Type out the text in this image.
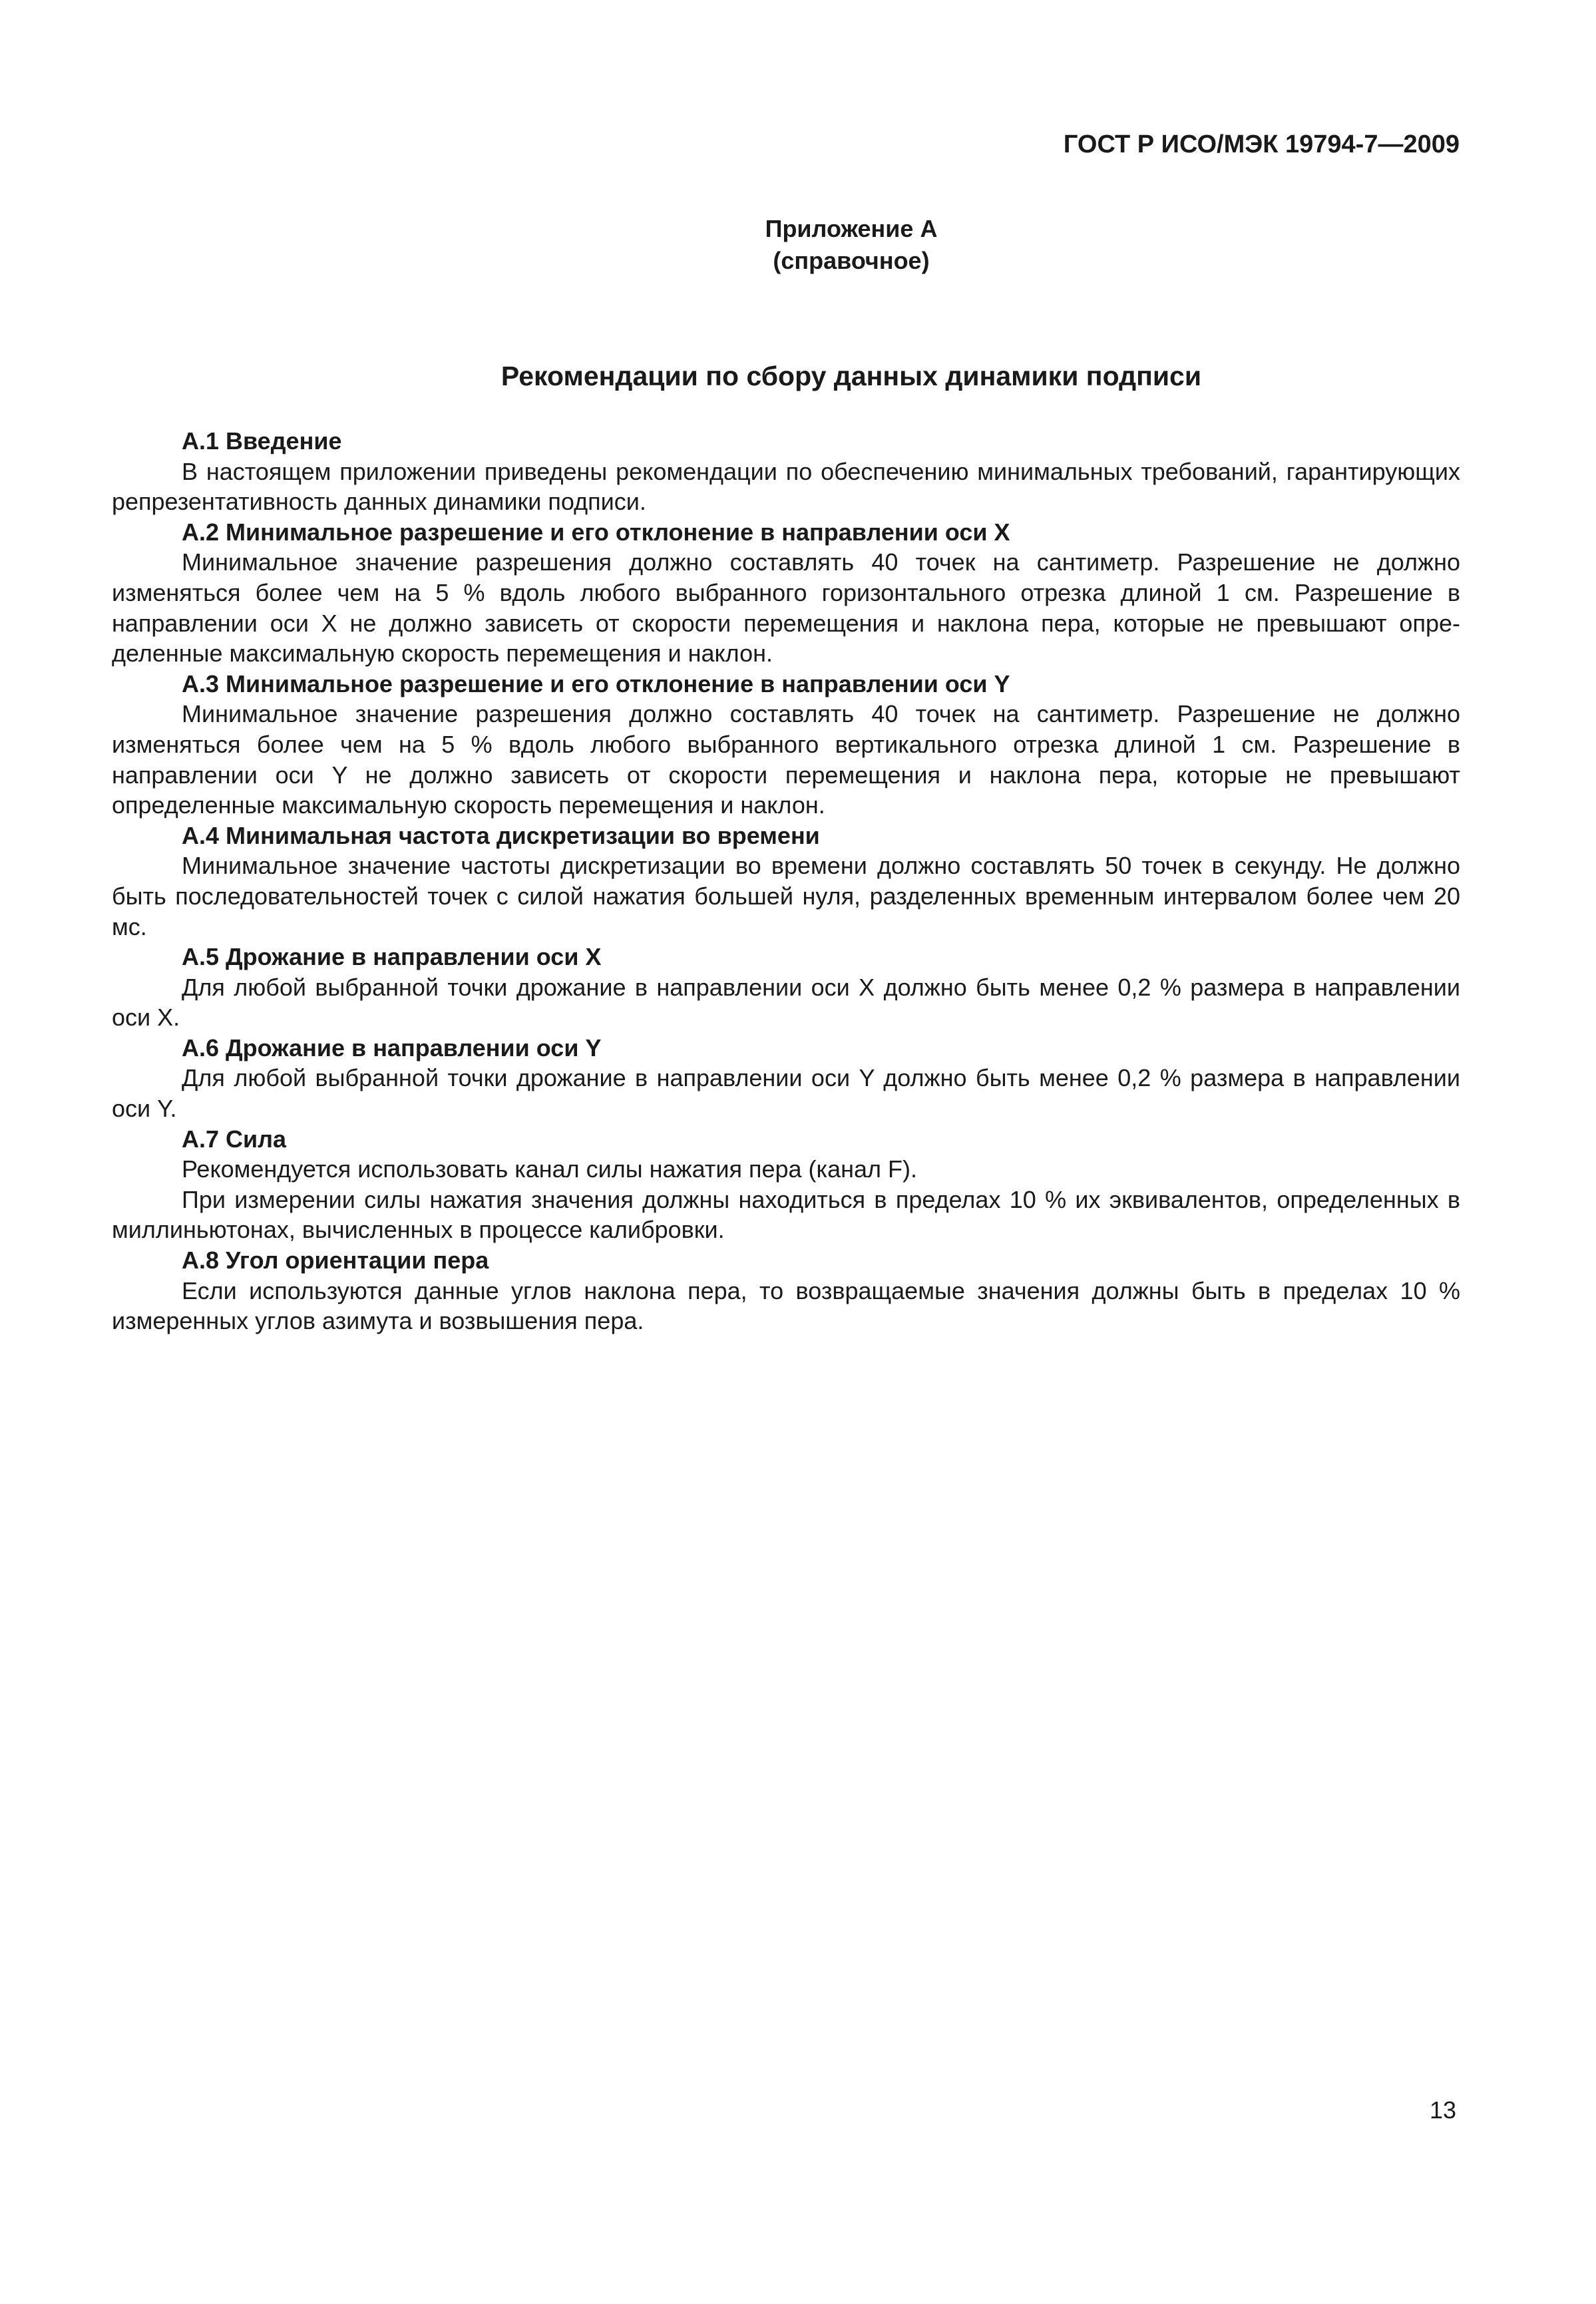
ГОСТ Р ИСО/МЭК 19794-7—2009
Приложение А
(справочное)
Рекомендации по сбору данных динамики подписи

А.1 Введение

В настоящем приложении приведены рекомендации по обеспечению минимальных требований, гарантирующих репрезентативность данных динамики подписи.

А.2 Минимальное разрешение и его отклонение в направлении оси X

Минимальное значение разрешения должно составлять 40 точек на сантиметр. Разрешение не должно изменяться более чем на 5 % вдоль любого выбранного горизонтального отрезка длиной 1 см. Разрешение в направлении оси X не должно зависеть от скорости перемещения и наклона пера, которые не превышают определенные максимальную скорость перемещения и наклон.

А.3 Минимальное разрешение и его отклонение в направлении оси Y

Минимальное значение разрешения должно составлять 40 точек на сантиметр. Разрешение не должно изменяться более чем на 5 % вдоль любого выбранного вертикального отрезка длиной 1 см. Разрешение в направлении оси Y не должно зависеть от скорости перемещения и наклона пера, которые не превышают определенные максимальную скорость перемещения и наклон.

А.4 Минимальная частота дискретизации во времени

Минимальное значение частоты дискретизации во времени должно составлять 50 точек в секунду. Не должно быть последовательностей точек с силой нажатия большей нуля, разделенных временным интервалом более чем 20 мс.

А.5 Дрожание в направлении оси X

Для любой выбранной точки дрожание в направлении оси X должно быть менее 0,2 % размера в направлении оси X.

А.6 Дрожание в направлении оси Y

Для любой выбранной точки дрожание в направлении оси Y должно быть менее 0,2 % размера в направлении оси Y.

А.7 Сила

Рекомендуется использовать канал силы нажатия пера (канал F).

При измерении силы нажатия значения должны находиться в пределах 10 % их эквивалентов, определенных в миллиньютонах, вычисленных в процессе калибровки.

А.8 Угол ориентации пера

Если используются данные углов наклона пера, то возвращаемые значения должны быть в пределах 10 % измеренных углов азимута и возвышения пера.

13
